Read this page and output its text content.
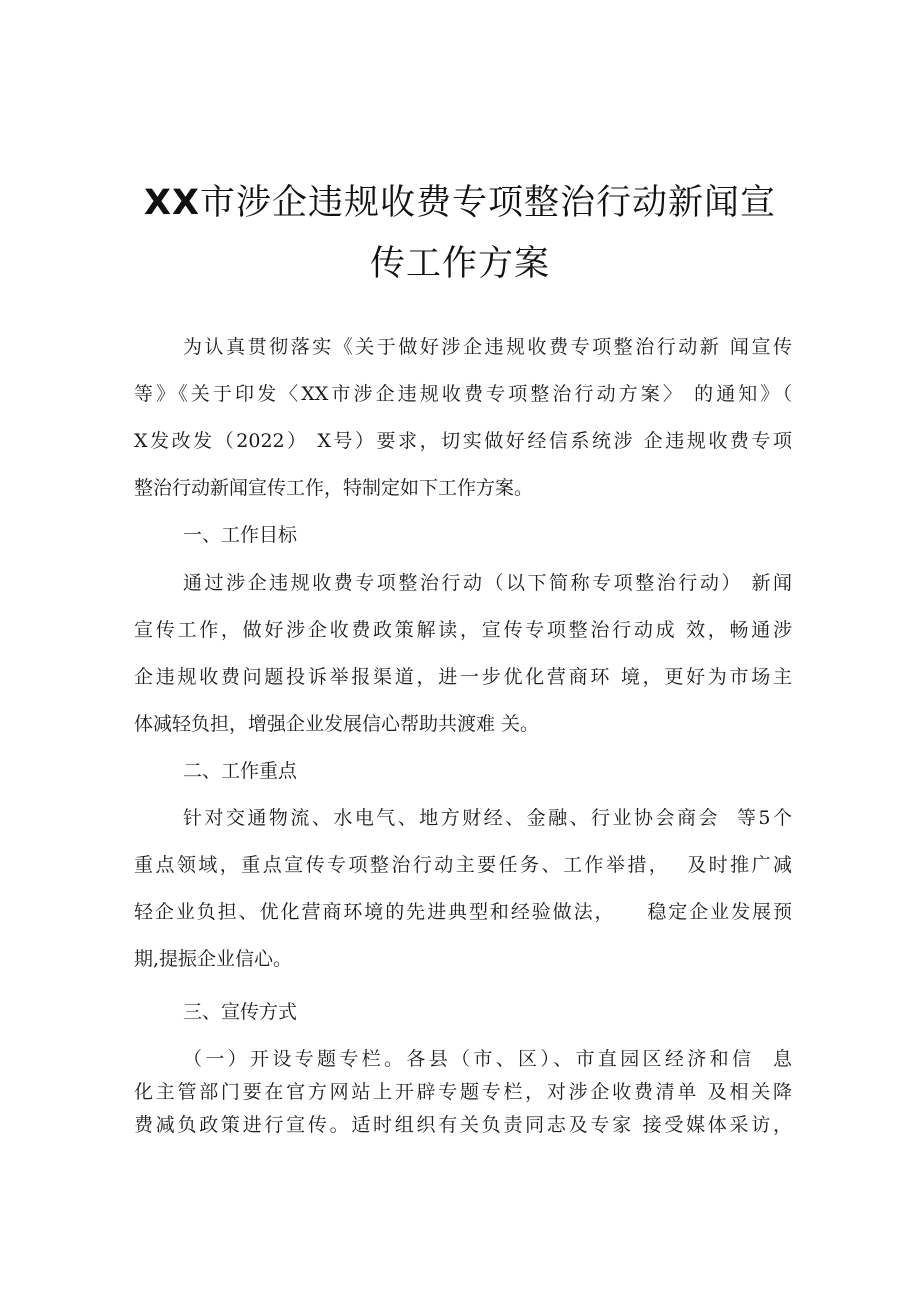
XX市涉企违规收费专项整治行动新闻宣
传工作方案
为认真贯彻落实《关于做好涉企违规收费专项整治行动新 闻宣传
等》《关于印发〈XX市涉企违规收费专项整治行动方案〉 的通知》（
X发改发（2022） X号）要求，切实做好经信系统涉 企违规收费专项
整治行动新闻宣传工作，特制定如下工作方案。
一、工作目标
通过涉企违规收费专项整治行动（以下简称专项整治行动） 新闻
宣传工作，做好涉企收费政策解读，宣传专项整治行动成 效，畅通涉
企违规收费问题投诉举报渠道，进一步优化营商环 境，更好为市场主
体减轻负担，增强企业发展信心帮助共渡难 关。
二、工作重点
针对交通物流、水电气、地方财经、金融、行业协会商会  等5个
重点领域，重点宣传专项整治行动主要任务、工作举措，  及时推广减
轻企业负担、优化营商环境的先进典型和经验做法，    稳定企业发展预
期,提振企业信心。
三、宣传方式
（一）开设专题专栏。各县（市、区）、市直园区经济和信  息
化主管部门要在官方网站上开辟专题专栏，对涉企收费清单 及相关降
费减负政策进行宣传。适时组织有关负责同志及专家 接受媒体采访，
